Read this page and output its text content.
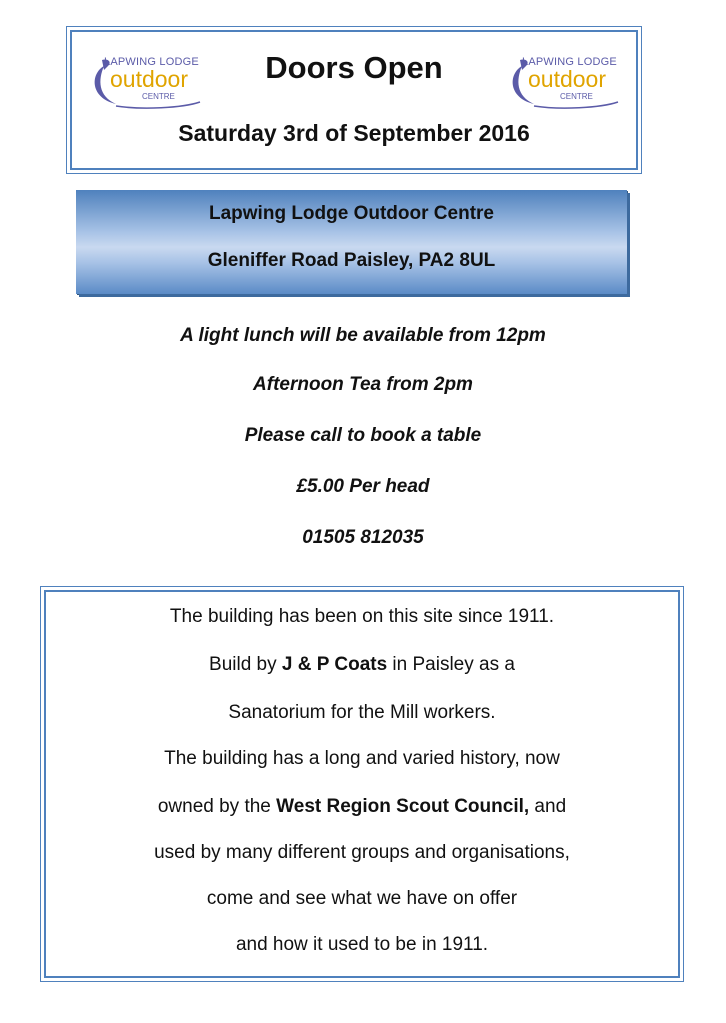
LAPWING LODGE
outdoor
CENTRE
Doors Open	LAPWING LODGE
outdoor
CENTRE
Saturday 3rd of September 2016
Lapwing Lodge Outdoor Centre
Gleniffer Road Paisley, PA2 8UL
A light lunch will be available from 12pm
Afternoon Tea from 2pm
Please call to book a table
£5.00 Per head
01505 812035
The building has been on this site since 1911.
Build by J & P Coats in Paisley as a
Sanatorium for the Mill workers.
The building has a long and varied history, now
owned by the West Region Scout Council, and
used by many different groups and organisations,
come and see what we have on offer
and how it used to be in 1911.
